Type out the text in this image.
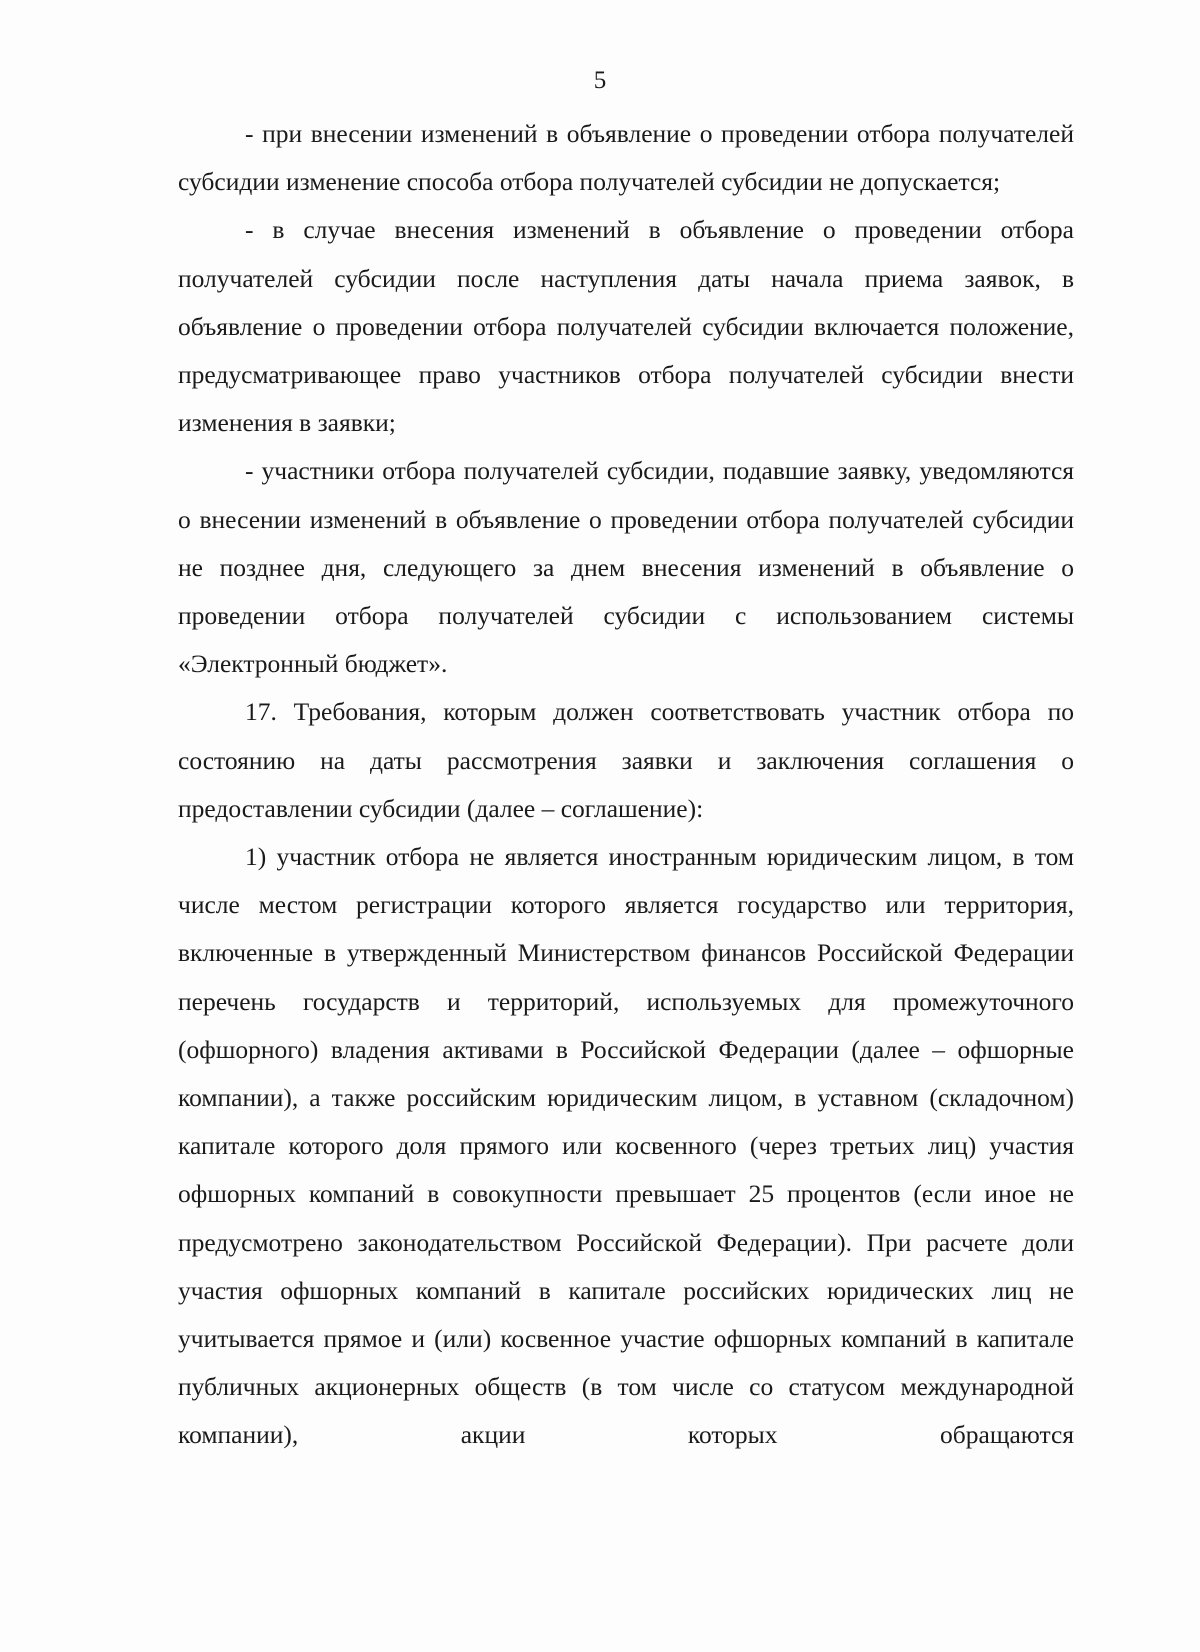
5

- при внесении изменений в объявление о проведении отбора получателей субсидии изменение способа отбора получателей субсидии не допускается;

- в случае внесения изменений в объявление о проведении отбора получателей субсидии после наступления даты начала приема заявок, в объявление о проведении отбора получателей субсидии включается положение, предусматривающее право участников отбора получателей субсидии внести изменения в заявки;

- участники отбора получателей субсидии, подавшие заявку, уведомляются о внесении изменений в объявление о проведении отбора получателей субсидии не позднее дня, следующего за днем внесения изменений в объявление о проведении отбора получателей субсидии с использованием системы «Электронный бюджет».

17. Требования, которым должен соответствовать участник отбора по состоянию на даты рассмотрения заявки и заключения соглашения о предоставлении субсидии (далее – соглашение):

1) участник отбора не является иностранным юридическим лицом, в том числе местом регистрации которого является государство или территория, включенные в утвержденный Министерством финансов Российской Федерации перечень государств и территорий, используемых для промежуточного (офшорного) владения активами в Российской Федерации (далее – офшорные компании), а также российским юридическим лицом, в уставном (складочном) капитале которого доля прямого или косвенного (через третьих лиц) участия офшорных компаний в совокупности превышает 25 процентов (если иное не предусмотрено законодательством Российской Федерации). При расчете доли участия офшорных компаний в капитале российских юридических лиц не учитывается прямое и (или) косвенное участие офшорных компаний в капитале публичных акционерных обществ (в том числе со статусом международной компании), акции которых обращаются
